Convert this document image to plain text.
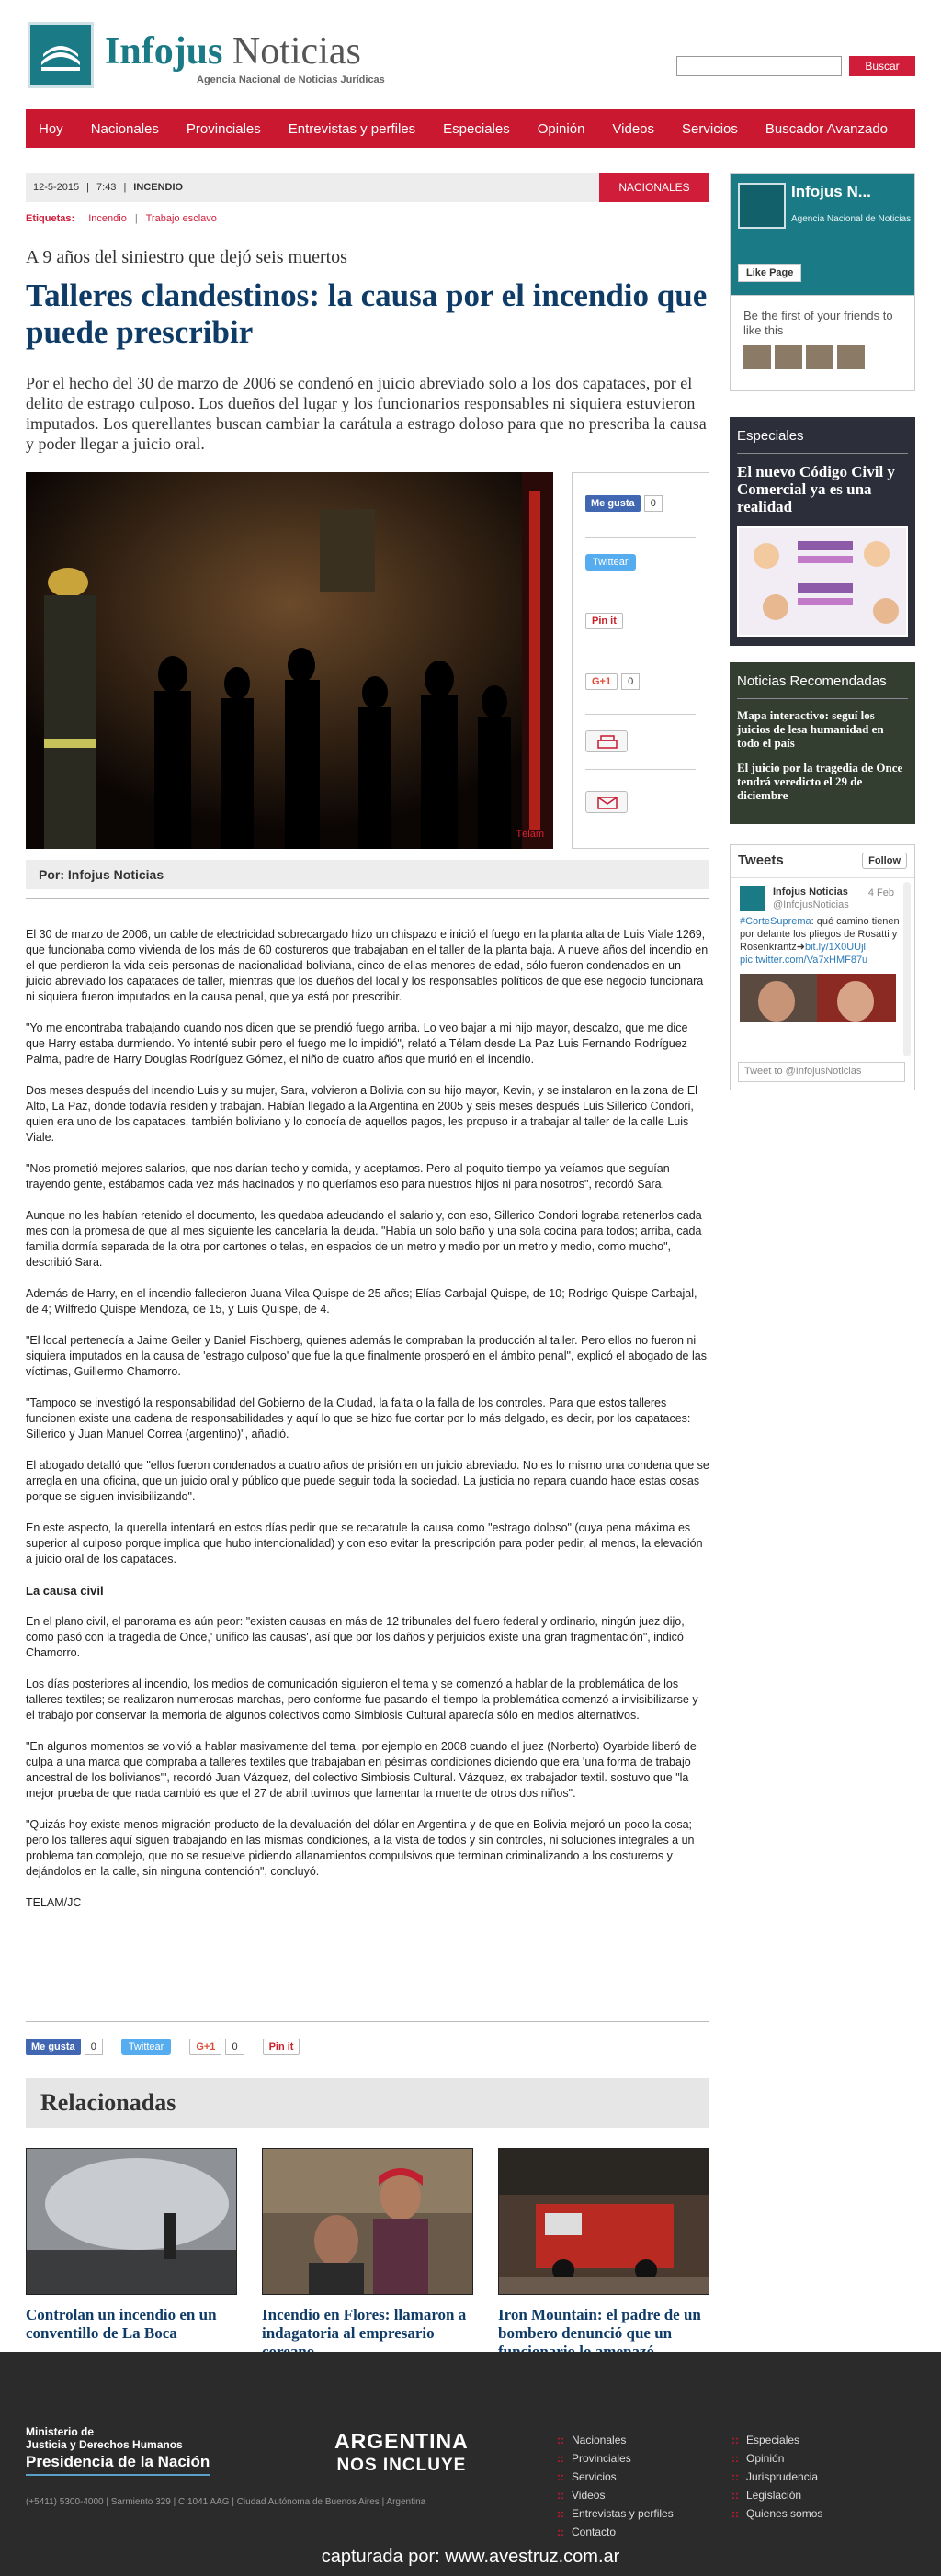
Infojus Noticias
Agencia Nacional de Noticias Jurídicas
Buscar
Hoy Nacionales Provinciales Entrevistas y perfiles Especiales Opinión Videos Servicios Buscador Avanzado
12-5-2015 | 7:43 | INCENDIO	NACIONALES
Etiquetas: Incendio | Trabajo esclavo
A 9 años del siniestro que dejó seis muertos
Talleres clandestinos: la causa por el incendio que puede prescribir
Por el hecho del 30 de marzo de 2006 se condenó en juicio abreviado solo a los dos capataces, por el delito de estrago culposo. Los dueños del lugar y los funcionarios responsables ni siquiera estuvieron imputados. Los querellantes buscan cambiar la carátula a estrago doloso para que no prescriba la causa y poder llegar a juicio oral.
Télam
Me gusta 0
Twittear
Pin it
G+1 0
Por: Infojus Noticias

El 30 de marzo de 2006, un cable de electricidad sobrecargado hizo un chispazo e inició el fuego en la planta alta de Luis Viale 1269, que funcionaba como vivienda de los más de 60 costureros que trabajaban en el taller de la planta baja. A nueve años del incendio en el que perdieron la vida seis personas de nacionalidad boliviana, cinco de ellas menores de edad, sólo fueron condenados en un juicio abreviado los capataces de taller, mientras que los dueños del local y los responsables políticos de que ese negocio funcionara ni siquiera fueron imputados en la causa penal, que ya está por prescribir.

"Yo me encontraba trabajando cuando nos dicen que se prendió fuego arriba. Lo veo bajar a mi hijo mayor, descalzo, que me dice que Harry estaba durmiendo. Yo intenté subir pero el fuego me lo impidió", relató a Télam desde La Paz Luis Fernando Rodríguez Palma, padre de Harry Douglas Rodríguez Gómez, el niño de cuatro años que murió en el incendio.

Dos meses después del incendio Luis y su mujer, Sara, volvieron a Bolivia con su hijo mayor, Kevin, y se instalaron en la zona de El Alto, La Paz, donde todavía residen y trabajan. Habían llegado a la Argentina en 2005 y seis meses después Luis Sillerico Condori, quien era uno de los capataces, también boliviano y lo conocía de aquellos pagos, les propuso ir a trabajar al taller de la calle Luis Viale.

"Nos prometió mejores salarios, que nos darían techo y comida, y aceptamos. Pero al poquito tiempo ya veíamos que seguían trayendo gente, estábamos cada vez más hacinados y no queríamos eso para nuestros hijos ni para nosotros", recordó Sara.

Aunque no les habían retenido el documento, les quedaba adeudando el salario y, con eso, Sillerico Condori lograba retenerlos cada mes con la promesa de que al mes siguiente les cancelaría la deuda. "Había un solo baño y una sola cocina para todos; arriba, cada familia dormía separada de la otra por cartones o telas, en espacios de un metro y medio por un metro y medio, como mucho", describió Sara.

Además de Harry, en el incendio fallecieron Juana Vilca Quispe de 25 años; Elías Carbajal Quispe, de 10; Rodrigo Quispe Carbajal, de 4; Wilfredo Quispe Mendoza, de 15, y Luis Quispe, de 4.

"El local pertenecía a Jaime Geiler y Daniel Fischberg, quienes además le compraban la producción al taller. Pero ellos no fueron ni siquiera imputados en la causa de 'estrago culposo' que fue la que finalmente prosperó en el ámbito penal", explicó el abogado de las víctimas, Guillermo Chamorro.

"Tampoco se investigó la responsabilidad del Gobierno de la Ciudad, la falta o la falla de los controles. Para que estos talleres funcionen existe una cadena de responsabilidades y aquí lo que se hizo fue cortar por lo más delgado, es decir, por los capataces: Sillerico y Juan Manuel Correa (argentino)", añadió.

El abogado detalló que "ellos fueron condenados a cuatro años de prisión en un juicio abreviado. No es lo mismo una condena que se arregla en una oficina, que un juicio oral y público que puede seguir toda la sociedad. La justicia no repara cuando hace estas cosas porque se siguen invisibilizando".

En este aspecto, la querella intentará en estos días pedir que se recaratule la causa como "estrago doloso" (cuya pena máxima es superior al culposo porque implica que hubo intencionalidad) y con eso evitar la prescripción para poder pedir, al menos, la elevación a juicio oral de los capataces.

La causa civil

En el plano civil, el panorama es aún peor: "existen causas en más de 12 tribunales del fuero federal y ordinario, ningún juez dijo, como pasó con la tragedia de Once,' unifico las causas', así que por los daños y perjuicios existe una gran fragmentación", indicó Chamorro.

Los días posteriores al incendio, los medios de comunicación siguieron el tema y se comenzó a hablar de la problemática de los talleres textiles; se realizaron numerosas marchas, pero conforme fue pasando el tiempo la problemática comenzó a invisibilizarse y el trabajo por conservar la memoria de algunos colectivos como Simbiosis Cultural aparecía sólo en medios alternativos.

"En algunos momentos se volvió a hablar masivamente del tema, por ejemplo en 2008 cuando el juez (Norberto) Oyarbide liberó de culpa a una marca que compraba a talleres textiles que trabajaban en pésimas condiciones diciendo que era 'una forma de trabajo ancestral de los bolivianos'", recordó Juan Vázquez, del colectivo Simbiosis Cultural. Vázquez, ex trabajador textil. sostuvo que "la mejor prueba de que nada cambió es que el 27 de abril tuvimos que lamentar la muerte de otros dos niños".

"Quizás hoy existe menos migración producto de la devaluación del dólar en Argentina y de que en Bolivia mejoró un poco la cosa; pero los talleres aquí siguen trabajando en las mismas condiciones, a la vista de todos y sin controles, ni soluciones integrales a un problema tan complejo, que no se resuelve pidiendo allanamientos compulsivos que terminan criminalizando a los costureros y dejándolos en la calle, sin ninguna contención", concluyó.

TELAM/JC

Me gusta 0	Twittear	G+1 0	Pin it
Relacionadas
Controlan un incendio en un conventillo de La Boca
Incendio en Flores: llamaron a indagatoria al empresario
Iron Mountain: el padre de un bombero denunció que un
Infojus N...
Agencia Nacional de Noticias
Like Page
Be the first of your friends to like this
Especiales
El nuevo Código Civil y Comercial ya es una realidad
Noticias Recomendadas
Mapa interactivo: seguí los juicios de lesa humanidad en todo el país
El juicio por la tragedia de Once tendrá veredicto el 29 de diciembre
Tweets	Follow
Infojus Noticias
@InfojusNoticias
#CorteSuprema: qué camino tienen por delante los pliegos de Rosatti y Rosenkrantz➜bit.ly/1X0UUjl pic.twitter.com/Va7xHMF87u
4 Feb
Tweet to @InfojusNoticias
Ministerio de
Justicia y Derechos Humanos
Presidencia de la Nación
(+5411) 5300-4000 | Sarmiento 329 | C 1041 AAG | Ciudad Autónoma de Buenos Aires | Argentina
ARGENTINA
NOS INCLUYE
:: Nacionales
:: Provinciales
:: Servicios
:: Videos
:: Entrevistas y perfiles
:: Contacto
:: Especiales
:: Opinión
:: Jurisprudencia
:: Legislación
:: Quienes somos
capturada por: www.avestruz.com.ar
